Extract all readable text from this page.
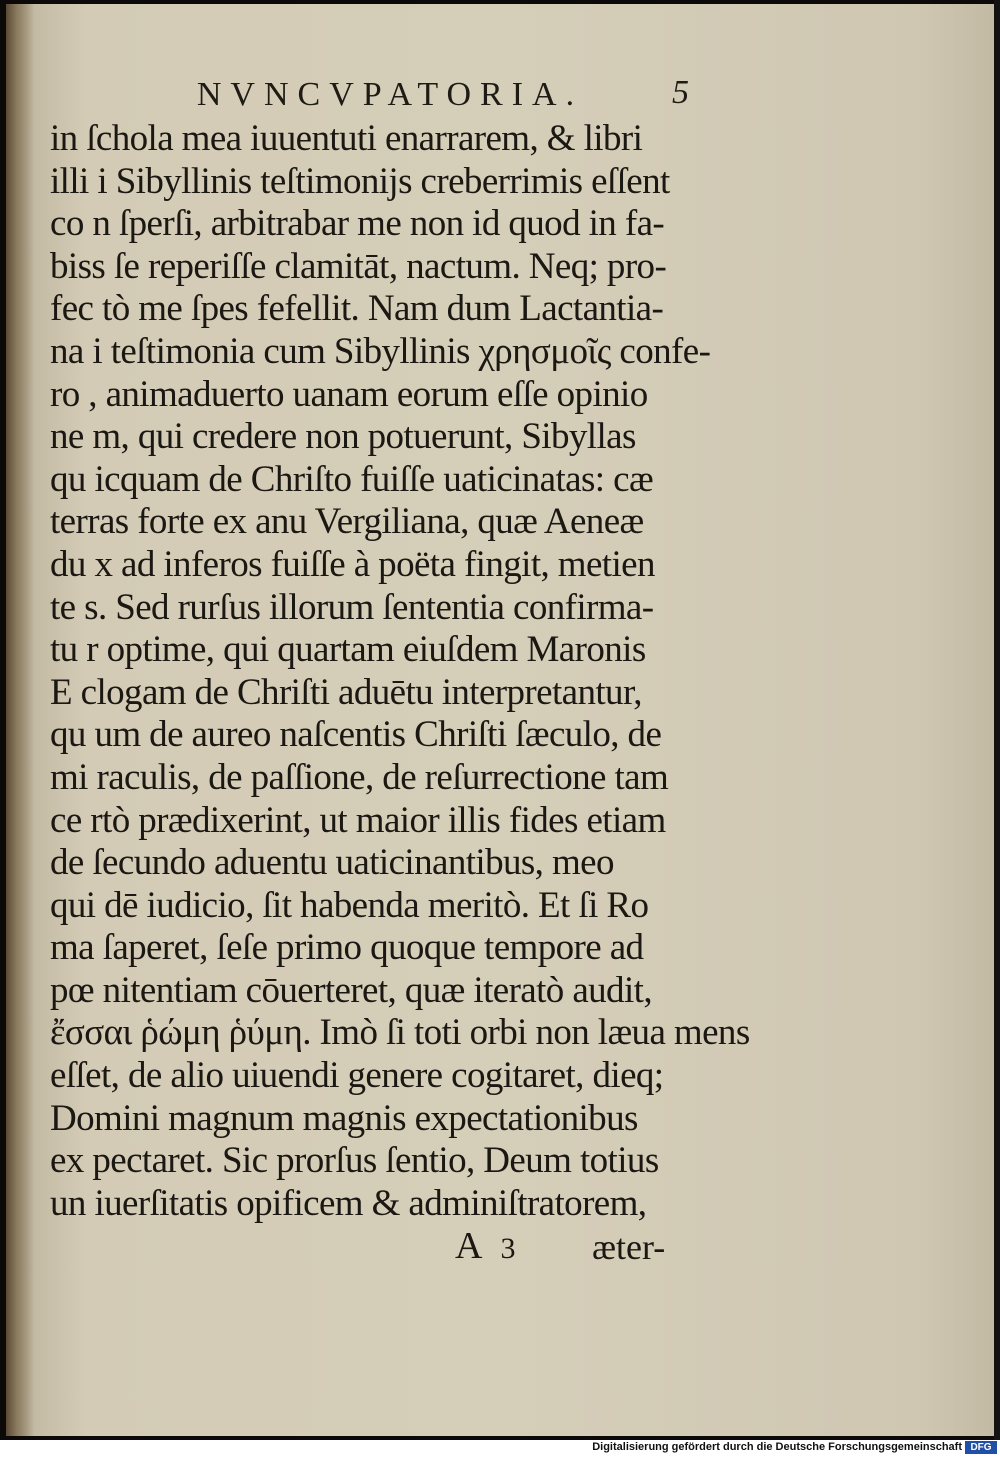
NVNCVPATORIA.	5
in ſchola mea iuuentuti enarrarem, & libri
illi i Sibyllinis teſtimonijs creberrimis eſſent
co n ſperſi, arbitrabar me non id quod in fa-
biss ſe reperiſſe clamitāt, nactum. Neq; pro-
fec tò me ſpes fefellit. Nam dum Lactantia-
na i teſtimonia cum Sibyllinis χρησμοῖς confe-
ro , animaduerto uanam eorum eſſe opinio
ne m, qui credere non potuerunt, Sibyllas
qu icquam de Chriſto fuiſſe uaticinatas: cæ
terras forte ex anu Vergiliana, quæ Aeneæ
du x ad inferos fuiſſe à poëta fingit, metien
te s. Sed rurſus illorum ſententia confirma-
tu r optime, qui quartam eiuſdem Maronis
E clogam de Chriſti aduētu interpretantur,
qu um de aureo naſcentis Chriſti ſæculo, de
mi raculis, de paſſione, de reſurrectione tam
ce rtò prædixerint, ut maior illis fides etiam
de ſecundo aduentu uaticinantibus, meo
qui dē iudicio, ſit habenda meritò. Et ſi Ro
ma ſaperet, ſeſe primo quoque tempore ad
pœ nitentiam cōuerteret, quæ iteratò audit,
ἔσσαι ῥώμη ῥύμη. Imò ſi toti orbi non læua mens
eſſet, de alio uiuendi genere cogitaret, dieq;
Domini magnum magnis expectationibus
ex pectaret. Sic prorſus ſentio, Deum totius
un iuerſitatis opificem & adminiſtratorem,
A 3 æter-
Digitalisierung gefördert durch die Deutsche Forschungsgemeinschaft DFG
